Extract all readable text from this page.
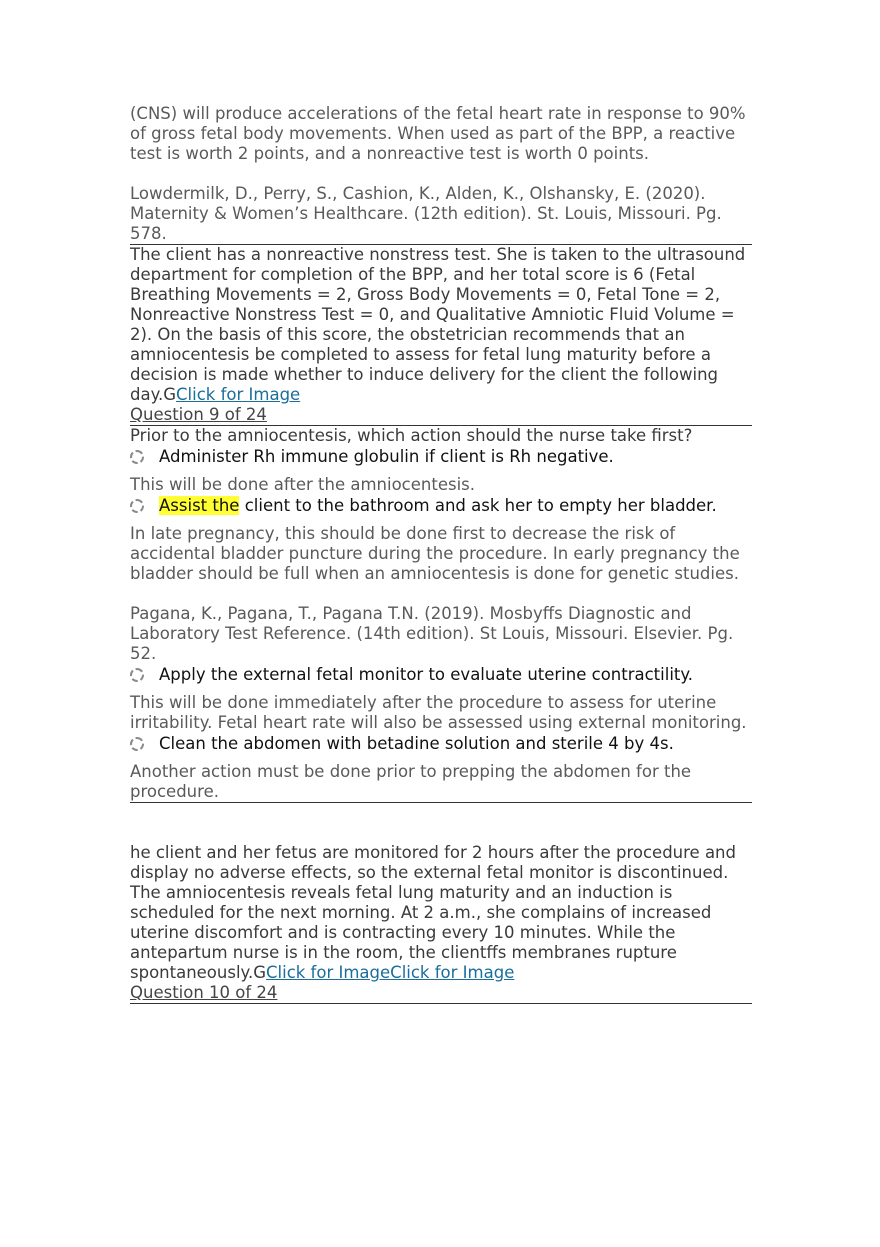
(CNS) will produce accelerations of the fetal heart rate in response to 90% of gross fetal body movements. When used as part of the BPP, a reactive test is worth 2 points, and a nonreactive test is worth 0 points.

Lowdermilk, D., Perry, S., Cashion, K., Alden, K., Olshansky, E. (2020). Maternity & Women’s Healthcare. (12th edition). St. Louis, Missouri. Pg. 578.

The client has a nonreactive nonstress test. She is taken to the ultrasound department for completion of the BPP, and her total score is 6 (Fetal Breathing Movements = 2, Gross Body Movements = 0, Fetal Tone = 2, Nonreactive Nonstress Test = 0, and Qualitative Amniotic Fluid Volume = 2). On the basis of this score, the obstetrician recommends that an amniocentesis be completed to assess for fetal lung maturity before a decision is made whether to induce delivery for the client the following day.GClick for Image

Question 9 of 24

Prior to the amniocentesis, which action should the nurse take first?

Administer Rh immune globulin if client is Rh negative.

This will be done after the amniocentesis.

Assist the client to the bathroom and ask her to empty her bladder.

In late pregnancy, this should be done first to decrease the risk of accidental bladder puncture during the procedure. In early pregnancy the bladder should be full when an amniocentesis is done for genetic studies.

Pagana, K., Pagana, T., Pagana T.N. (2019). Mosbyffs Diagnostic and Laboratory Test Reference. (14th edition). St Louis, Missouri. Elsevier. Pg. 52.

Apply the external fetal monitor to evaluate uterine contractility.

This will be done immediately after the procedure to assess for uterine irritability. Fetal heart rate will also be assessed using external monitoring.

Clean the abdomen with betadine solution and sterile 4 by 4s.

Another action must be done prior to prepping the abdomen for the procedure.

he client and her fetus are monitored for 2 hours after the procedure and display no adverse effects, so the external fetal monitor is discontinued. The amniocentesis reveals fetal lung maturity and an induction is scheduled for the next morning. At 2 a.m., she complains of increased uterine discomfort and is contracting every 10 minutes. While the antepartum nurse is in the room, the clientffs membranes rupture spontaneously.GClick for ImageClick for Image

Question 10 of 24
